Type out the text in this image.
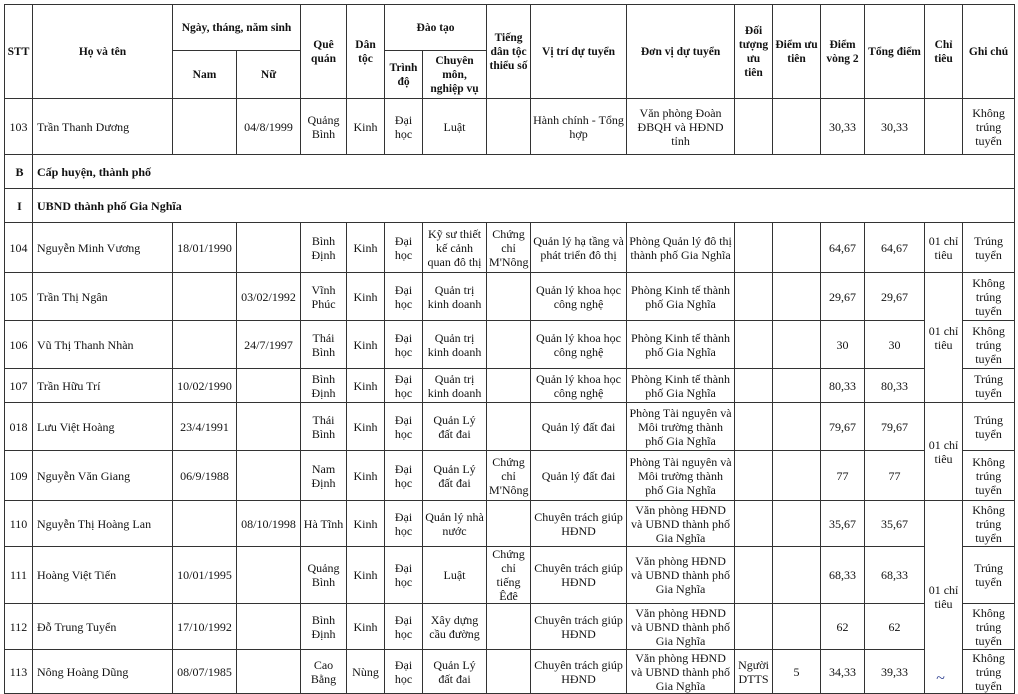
STT	Họ và tên	Ngày, tháng, năm sinh		Quê quán	Dân tộc	Đào tạo		Tiếng dân tộc thiểu số	Vị trí dự tuyển	Đơn vị dự tuyển	Đối tượng ưu tiên	Điểm ưu tiên	Điểm vòng 2	Tổng điểm	Chỉ tiêu	Ghi chú
		Nam	Nữ			Trình độ	Chuyên môn, nghiệp vụ									
103	Trần Thanh Dương		04/8/1999	Quảng Bình	Kinh	Đại học	Luật		Hành chính - Tổng hợp	Văn phòng Đoàn ĐBQH và HĐND tỉnh			30,33	30,33		Không trúng tuyển
B	Cấp huyện, thành phố															
I	UBND thành phố Gia Nghĩa															
104	Nguyễn Minh Vương	18/01/1990		Bình Định	Kinh	Đại học	Kỹ sư thiết kế cảnh quan đô thị	Chứng chỉ M'Nông	Quản lý hạ tầng và phát triển đô thị	Phòng Quản lý đô thị thành phố Gia Nghĩa			64,67	64,67	01 chỉ tiêu	Trúng tuyển
105	Trần Thị Ngân		03/02/1992	Vĩnh Phúc	Kinh	Đại học	Quản trị kinh doanh		Quản lý khoa học công nghệ	Phòng Kinh tế thành phố Gia Nghĩa			29,67	29,67	01 chỉ tiêu	Không trúng tuyển
106	Vũ Thị Thanh Nhàn		24/7/1997	Thái Bình	Kinh	Đại học	Quản trị kinh doanh		Quản lý khoa học công nghệ	Phòng Kinh tế thành phố Gia Nghĩa			30	30		Không trúng tuyển
107	Trần Hữu Trí	10/02/1990		Bình Định	Kinh	Đại học	Quản trị kinh doanh		Quản lý khoa học công nghệ	Phòng Kinh tế thành phố Gia Nghĩa			80,33	80,33		Trúng tuyển
018	Lưu Việt Hoàng	23/4/1991		Thái Bình	Kinh	Đại học	Quản Lý đất đai		Quản lý đất đai	Phòng Tài nguyên và Môi trường thành phố Gia Nghĩa			79,67	79,67	01 chỉ tiêu	Trúng tuyển
109	Nguyễn Văn Giang	06/9/1988		Nam Định	Kinh	Đại học	Quản Lý đất đai	Chứng chỉ M'Nông	Quản lý đất đai	Phòng Tài nguyên và Môi trường thành phố Gia Nghĩa			77	77		Không trúng tuyển
110	Nguyễn Thị Hoàng Lan		08/10/1998	Hà Tĩnh	Kinh	Đại học	Quản lý nhà nước		Chuyên trách giúp HĐND	Văn phòng HĐND và UBND thành phố Gia Nghĩa			35,67	35,67	01 chỉ tiêu	Không trúng tuyển
111	Hoàng Việt Tiến	10/01/1995		Quảng Bình	Kinh	Đại học	Luật	Chứng chỉ tiếng Êđê	Chuyên trách giúp HĐND	Văn phòng HĐND và UBND thành phố Gia Nghĩa			68,33	68,33		Trúng tuyển
112	Đỗ Trung Tuyển	17/10/1992		Bình Định	Kinh	Đại học	Xây dựng cầu đường		Chuyên trách giúp HĐND	Văn phòng HĐND và UBND thành phố Gia Nghĩa			62	62		Không trúng tuyển
113	Nông Hoàng Dũng	08/07/1985		Cao Bằng	Nùng	Đại học	Quản Lý đất đai		Chuyên trách giúp HĐND	Văn phòng HĐND và UBND thành phố Gia Nghĩa	Người DTTS	5	34,33	39,33		Không trúng tuyển
~
